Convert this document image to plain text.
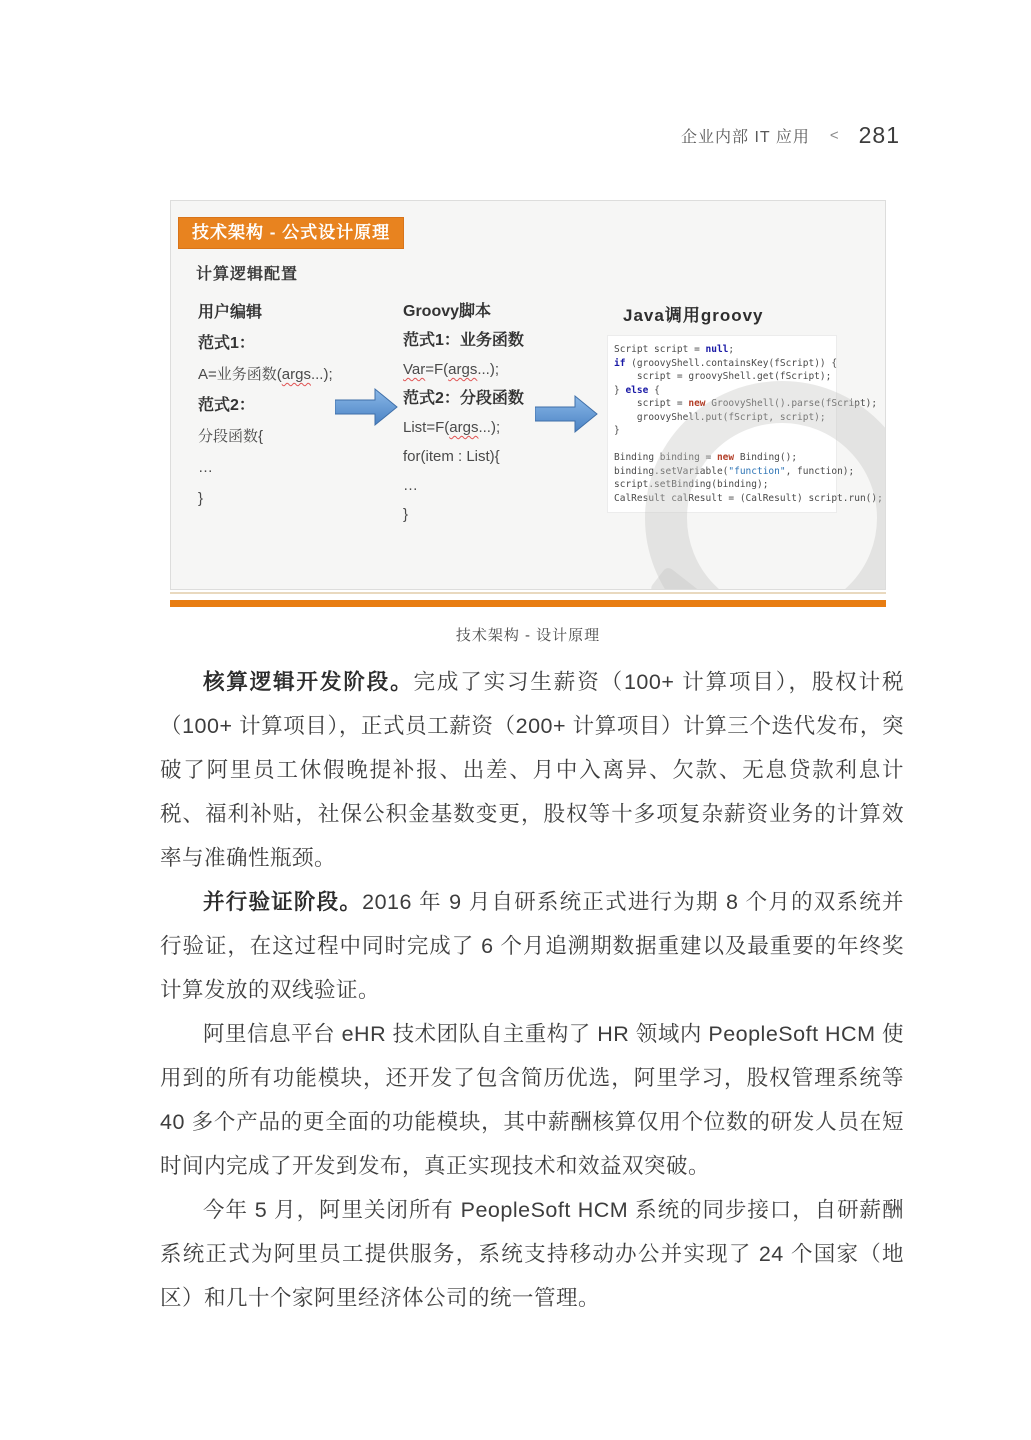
企业内部 IT 应用 < 281
技术架构 - 公式设计原理
计算逻辑配置
用户编辑
范式1：
A=业务函数(args...);
范式2：
分段函数{
…
}
Groovy脚本
范式1：业务函数
Var=F(args...);
范式2：分段函数
List=F(args...);
for(item : List){
…
}
Java调用groovy
Script script = null;
if (groovyShell.containsKey(fScript)) {
script = groovyShell.get(fScript);
} else {
script = new GroovyShell().parse(fScript);
groovyShell.put(fScript, script);
}

Binding binding = new Binding();
binding.setVariable("function", function);
script.setBinding(binding);
CalResult calResult = (CalResult) script.run();
技术架构 - 设计原理

核算逻辑开发阶段。完成了实习生薪资（100+ 计算项目），股权计税（100+ 计算项目），正式员工薪资（200+ 计算项目）计算三个迭代发布，突破了阿里员工休假晚提补报、出差、月中入离异、欠款、无息贷款利息计税、福利补贴，社保公积金基数变更，股权等十多项复杂薪资业务的计算效率与准确性瓶颈。

并行验证阶段。2016 年 9 月自研系统正式进行为期 8 个月的双系统并行验证，在这过程中同时完成了 6 个月追溯期数据重建以及最重要的年终奖计算发放的双线验证。

阿里信息平台 eHR 技术团队自主重构了 HR 领域内 PeopleSoft HCM 使用到的所有功能模块，还开发了包含简历优选，阿里学习，股权管理系统等 40 多个产品的更全面的功能模块，其中薪酬核算仅用个位数的研发人员在短时间内完成了开发到发布，真正实现技术和效益双突破。

今年 5 月，阿里关闭所有 PeopleSoft HCM 系统的同步接口，自研薪酬系统正式为阿里员工提供服务，系统支持移动办公并实现了 24 个国家（地区）和几十个家阿里经济体公司的统一管理。
